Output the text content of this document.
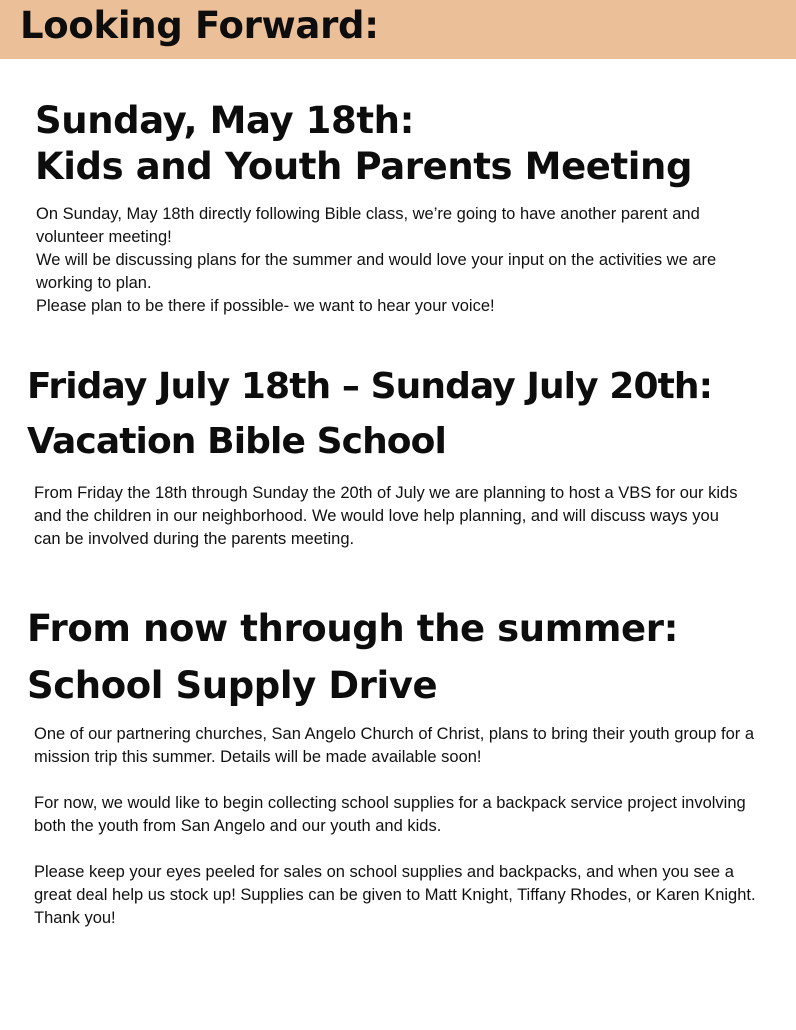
Looking Forward:
Sunday, May 18th:
Kids and Youth Parents Meeting

On Sunday, May 18th directly following Bible class, we’re going to have another parent and volunteer meeting!

We will be discussing plans for the summer and would love your input on the activities we are working to plan.

Please plan to be there if possible- we want to hear your voice!

Friday July 18th – Sunday July 20th:
Vacation Bible School

From Friday the 18th through Sunday the 20th of July we are planning to host a VBS for our kids and the children in our neighborhood. We would love help planning, and will discuss ways you can be involved during the parents meeting.

From now through the summer:
School Supply Drive

One of our partnering churches, San Angelo Church of Christ, plans to bring their youth group for a mission trip this summer. Details will be made available soon!

For now, we would like to begin collecting school supplies for a backpack service project involving both the youth from San Angelo and our youth and kids.

Please keep your eyes peeled for sales on school supplies and backpacks, and when you see a great deal help us stock up! Supplies can be given to Matt Knight, Tiffany Rhodes, or Karen Knight. Thank you!
